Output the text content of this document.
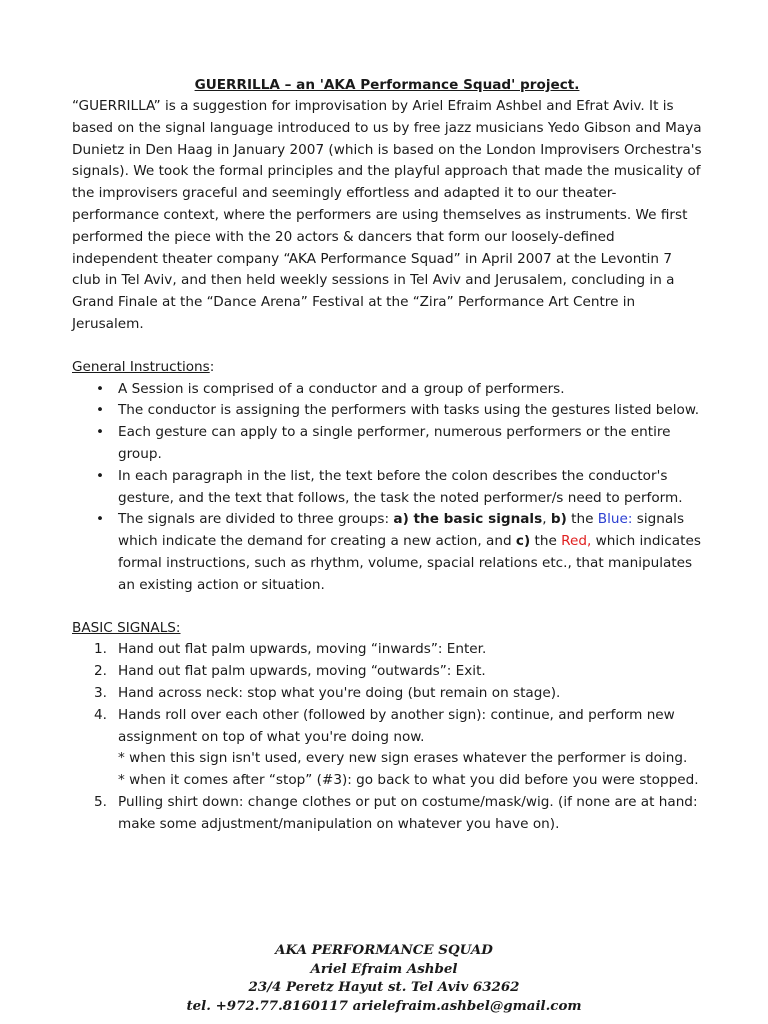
GUERRILLA – an 'AKA Performance Squad' project.

“GUERRILLA” is a suggestion for improvisation by Ariel Efraim Ashbel and Efrat Aviv. It is based on the signal language introduced to us by free jazz musicians Yedo Gibson and Maya Dunietz in Den Haag in January 2007 (which is based on the London Improvisers Orchestra's signals). We took the formal principles and the playful approach that made the musicality of the improvisers graceful and seemingly effortless and adapted it to our theater-performance context, where the performers are using themselves as instruments. We first performed the piece with the 20 actors & dancers that form our loosely-defined independent theater company “AKA Performance Squad” in April 2007 at the Levontin 7 club in Tel Aviv, and then held weekly sessions in Tel Aviv and Jerusalem, concluding in a Grand Finale at the “Dance Arena” Festival at the “Zira” Performance Art Centre in Jerusalem.

General Instructions:
• A Session is comprised of a conductor and a group of performers.
• The conductor is assigning the performers with tasks using the gestures listed below.
• Each gesture can apply to a single performer, numerous performers or the entire group.
• In each paragraph in the list, the text before the colon describes the conductor's gesture, and the text that follows, the task the noted performer/s need to perform.
• The signals are divided to three groups: a) the basic signals, b) the Blue: signals which indicate the demand for creating a new action, and c) the Red, which indicates formal instructions, such as rhythm, volume, spacial relations etc., that manipulates an existing action or situation.
BASIC SIGNALS:
1. Hand out flat palm upwards, moving “inwards”: Enter.
2. Hand out flat palm upwards, moving “outwards”: Exit.
3. Hand across neck: stop what you're doing (but remain on stage).
4. Hands roll over each other (followed by another sign): continue, and perform new assignment on top of what you're doing now.
* when this sign isn't used, every new sign erases whatever the performer is doing.
* when it comes after “stop” (#3): go back to what you did before you were stopped.
5. Pulling shirt down: change clothes or put on costume/mask/wig. (if none are at hand: make some adjustment/manipulation on whatever you have on).
AKA PERFORMANCE SQUAD
Ariel Efraim Ashbel
23/4 Peretz Hayut st. Tel Aviv 63262
tel. +972.77.8160117 arielefraim.ashbel@gmail.com
